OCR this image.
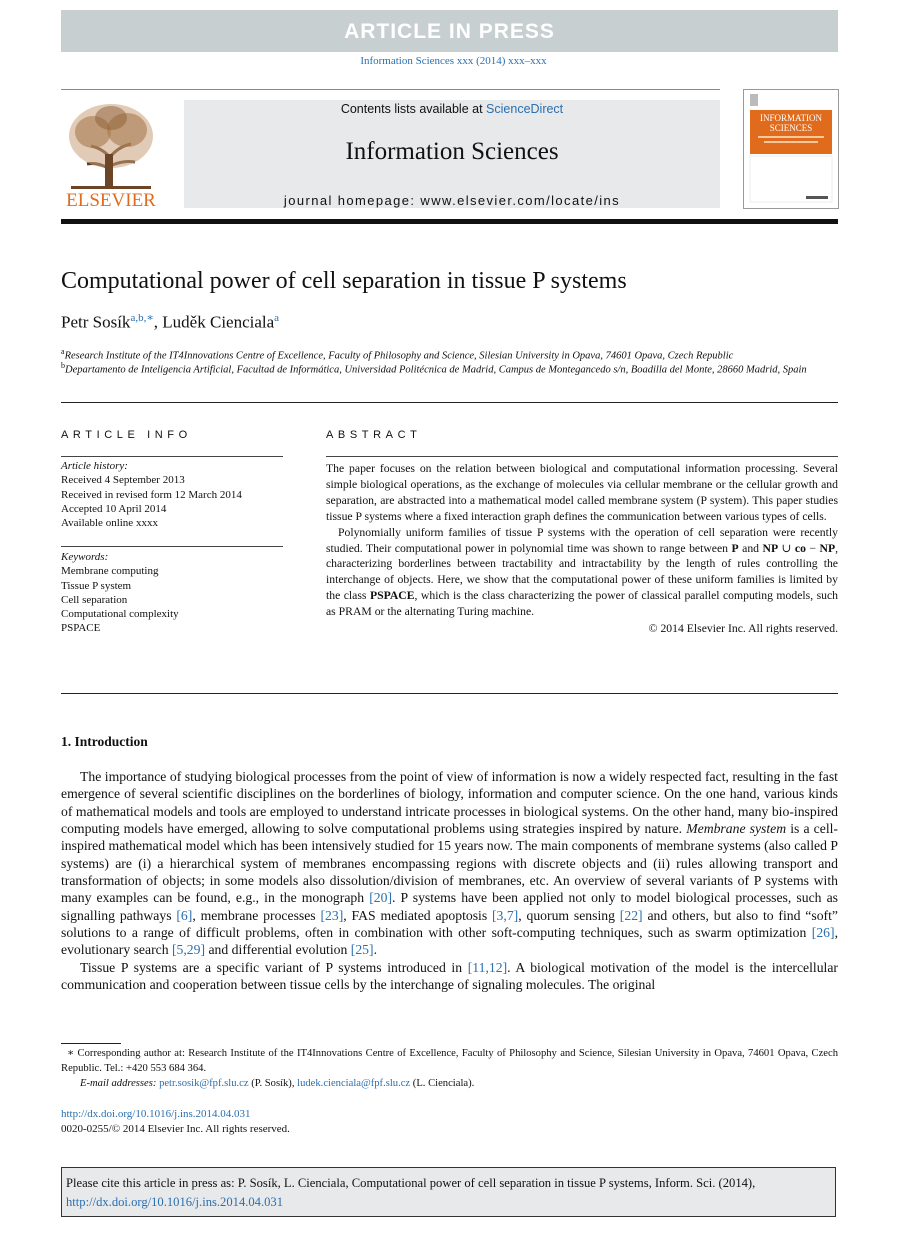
ARTICLE IN PRESS
Information Sciences xxx (2014) xxx–xxx
ELSEVIER
Contents lists available at ScienceDirect
Information Sciences
journal homepage: www.elsevier.com/locate/ins
INFORMATION
SCIENCES
Computational power of cell separation in tissue P systems
Petr Sosík$^{a,b,∗}$, Luděk Cienciala$^a$
$^a$Research Institute of the IT4Innovations Centre of Excellence, Faculty of Philosophy and Science, Silesian University in Opava, 74601 Opava, Czech Republic
$^b$Departamento de Inteligencia Artificial, Facultad de Informática, Universidad Politécnica de Madrid, Campus de Montegancedo s/n, Boadilla del Monte, 28660 Madrid, Spain
ARTICLE INFO
Article history:
Received 4 September 2013
Received in revised form 12 March 2014
Accepted 10 April 2014
Available online xxxx
Keywords:
Membrane computing
Tissue P system
Cell separation
Computational complexity
PSPACE
ABSTRACT

The paper focuses on the relation between biological and computational information processing. Several simple biological operations, as the exchange of molecules via cellular membrane or the cellular growth and separation, are abstracted into a mathematical model called membrane system (P system). This paper studies tissue P systems where a fixed interaction graph defines the communication between various types of cells.

Polynomially uniform families of tissue P systems with the operation of cell separation were recently studied. Their computational power in polynomial time was shown to range between P and NP ∪ co − NP, characterizing borderlines between tractability and intractability by the length of rules controlling the interchange of objects. Here, we show that the computational power of these uniform families is limited by the class PSPACE, which is the class characterizing the power of classical parallel computing models, such as PRAM or the alternating Turing machine.

© 2014 Elsevier Inc. All rights reserved.

1. Introduction

The importance of studying biological processes from the point of view of information is now a widely respected fact, resulting in the fast emergence of several scientific disciplines on the borderlines of biology, information and computer science. On the one hand, various kinds of mathematical models and tools are employed to understand intricate processes in biological systems. On the other hand, many bio-inspired computing models have emerged, allowing to solve computational problems using strategies inspired by nature. Membrane system is a cell-inspired mathematical model which has been intensively studied for 15 years now. The main components of membrane systems (also called P systems) are (i) a hierarchical system of membranes encompassing regions with discrete objects and (ii) rules allowing transport and transformation of objects; in some models also dissolution/division of membranes, etc. An overview of several variants of P systems with many examples can be found, e.g., in the monograph [20]. P systems have been applied not only to model biological processes, such as signalling pathways [6], membrane processes [23], FAS mediated apoptosis [3,7], quorum sensing [22] and others, but also to find “soft” solutions to a range of difficult problems, often in combination with other soft-computing techniques, such as swarm optimization [26], evolutionary search [5,29] and differential evolution [25].

Tissue P systems are a specific variant of P systems introduced in [11,12]. A biological motivation of the model is the intercellular communication and cooperation between tissue cells by the interchange of signaling molecules. The original

∗ Corresponding author at: Research Institute of the IT4Innovations Centre of Excellence, Faculty of Philosophy and Science, Silesian University in Opava, 74601 Opava, Czech Republic. Tel.: +420 553 684 364.

E-mail addresses: petr.sosik@fpf.slu.cz (P. Sosík), ludek.cienciala@fpf.slu.cz (L. Cienciala).

http://dx.doi.org/10.1016/j.ins.2014.04.031
0020-0255/© 2014 Elsevier Inc. All rights reserved.
Please cite this article in press as: P. Sosík, L. Cienciala, Computational power of cell separation in tissue P systems, Inform. Sci. (2014),
http://dx.doi.org/10.1016/j.ins.2014.04.031
